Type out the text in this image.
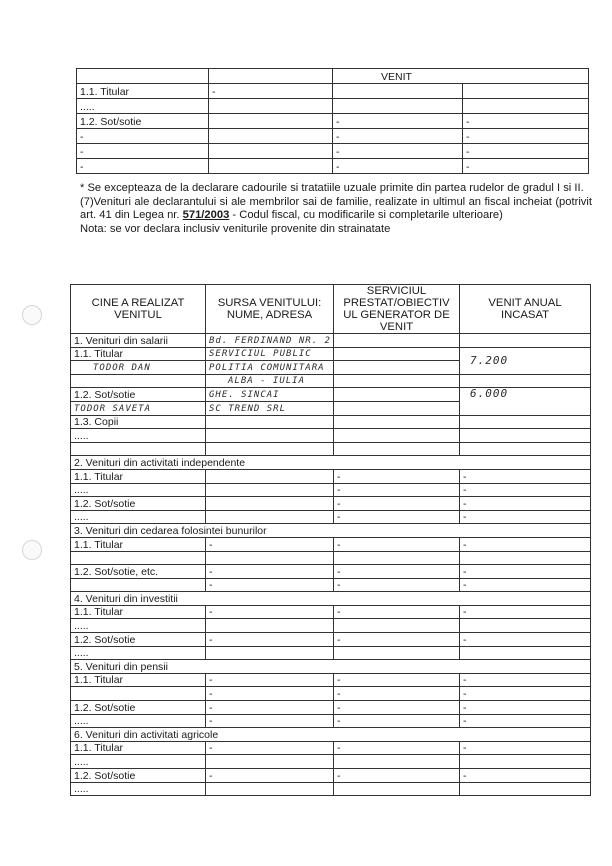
		VENIT	
1.1. Titular	-		
.....			
1.2. Sot/sotie		-	-
-		-	-
-		-	-
-		-	-

* Se excepteaza de la declarare cadourile si tratatiile uzuale primite din partea rudelor de gradul I si II.

(7)Venituri ale declarantului si ale membrilor sai de familie, realizate in ultimul an fiscal incheiat (potrivit art. 41 din Legea nr. 571/2003 - Codul fiscal, cu modificarile si completarile ulterioare)

Nota: se vor declara inclusiv veniturile provenite din strainatate

CINE A REALIZAT VENITUL	SURSA VENITULUI: NUME, ADRESA	SERVICIUL PRESTAT/OBIECTIV UL GENERATOR DE VENIT	VENIT ANUAL INCASAT
1. Venituri din salarii	Bd. FERDINAND NR. 2		
1.1. Titular	SERVICIUL PUBLIC		7.200
TODOR DAN	POLITIA COMUNITARA		
	ALBA - IULIA		
1.2. Sot/sotie	GHE. SINCAI		6.000
TODOR SAVETA	SC TREND SRL		
1.3. Copii			
.....			

2. Venituri din activitati independente			
1.1. Titular		-	-
.....		-	-
1.2. Sot/sotie		-	-
.....		-	-
3. Venituri din cedarea folosintei bunurilor			
1.1. Titular	-	-	-

1.2. Sot/sotie, etc.	-	-	-
	-	-	-
4. Venituri din investitii			
1.1. Titular	-	-	-
.....			
1.2. Sot/sotie	-	-	-
.....			
5. Venituri din pensii			
1.1. Titular	-	-	-
	-	-	-
1.2. Sot/sotie	-	-	-
.....	-	-	-
6. Venituri din activitati agricole			
1.1. Titular	-	-	-
.....			
1.2. Sot/sotie	-	-	-
.....			
